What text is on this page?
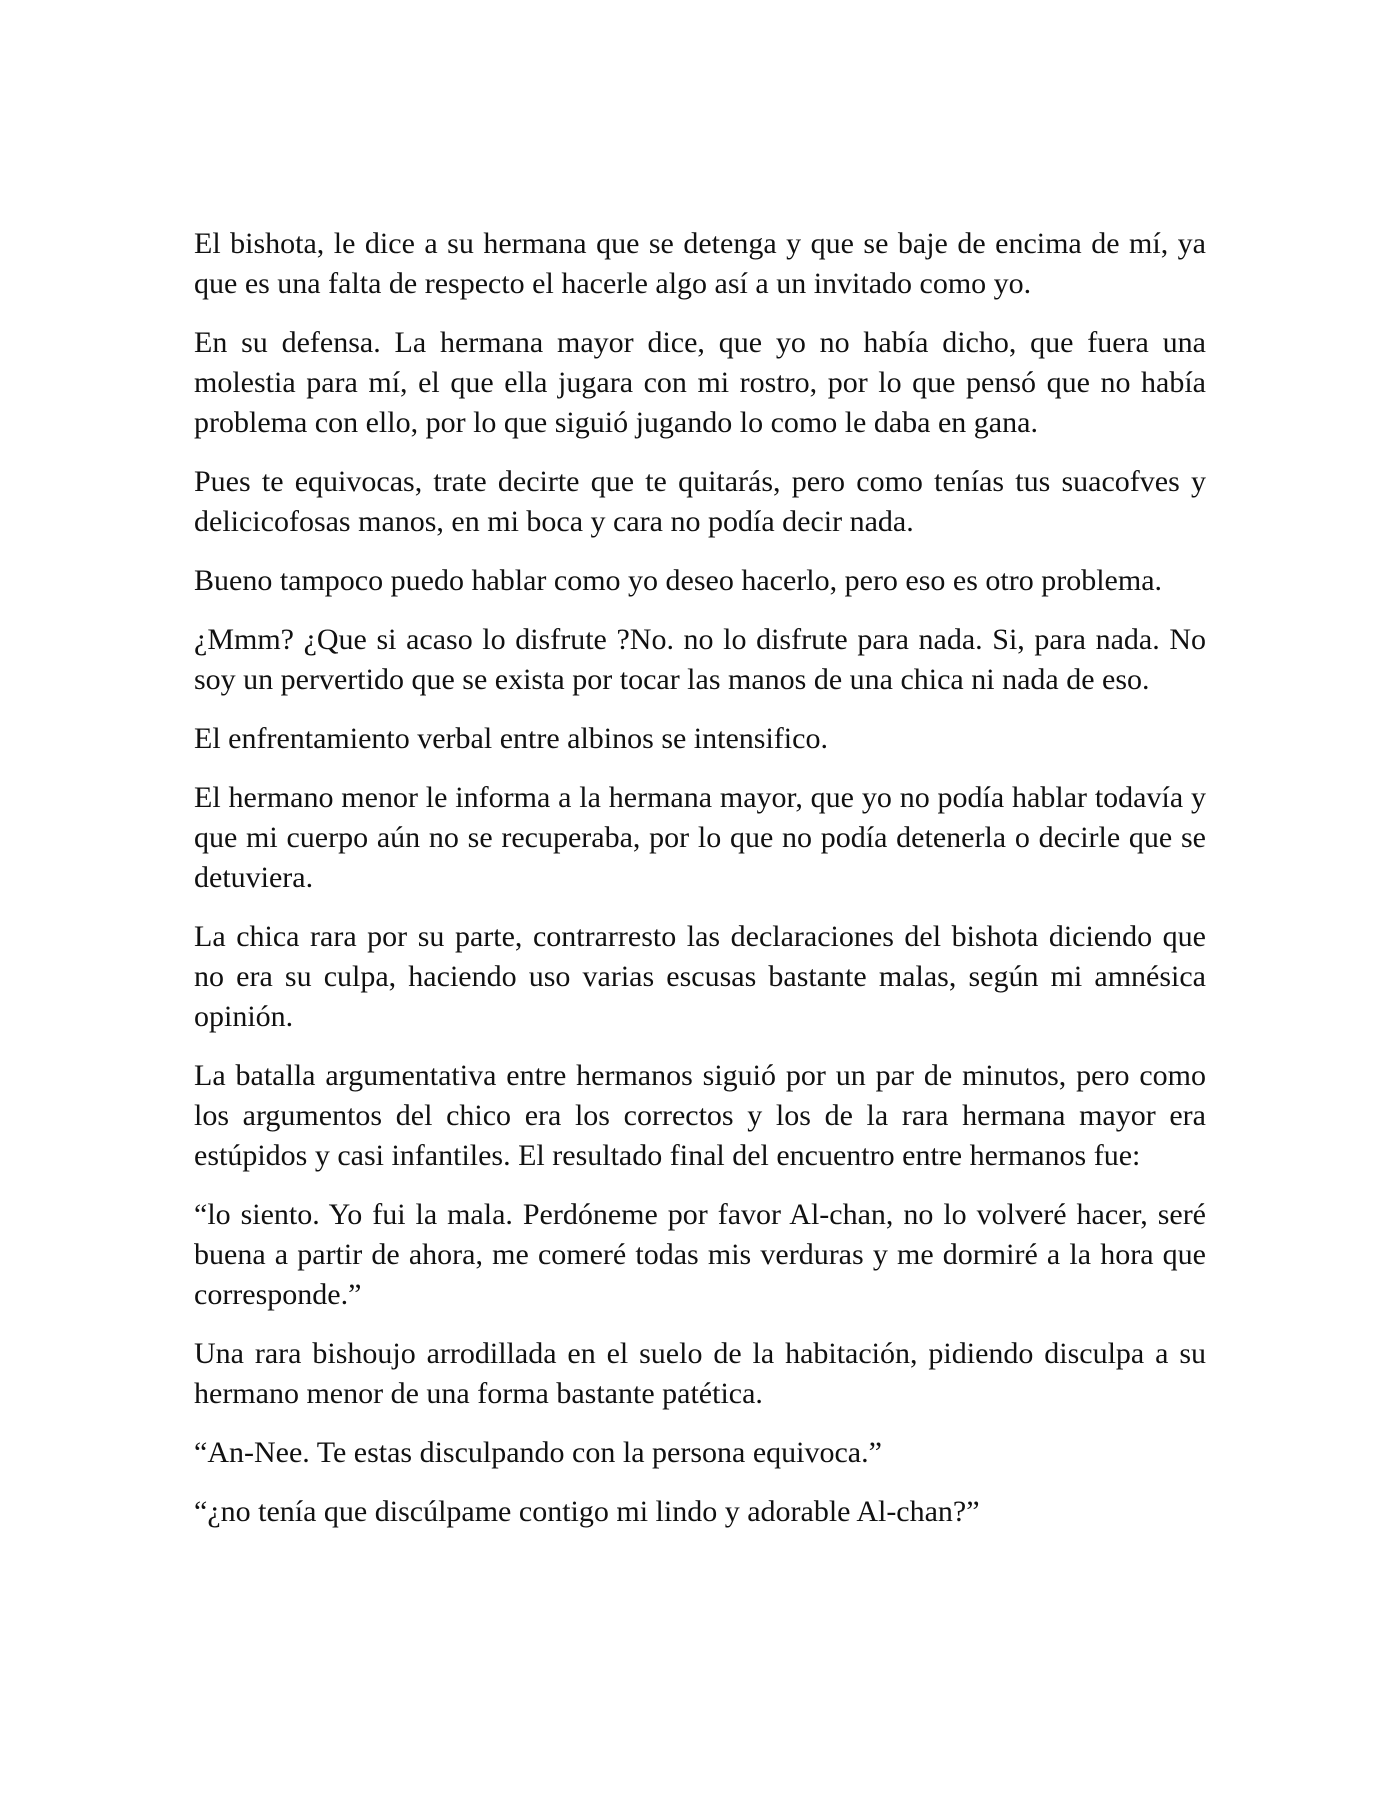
El bishota, le dice a su hermana que se detenga y que se baje de encima de mí, ya que es una falta de respecto el hacerle algo así a un invitado como yo.

En su defensa. La hermana mayor dice, que yo no había dicho, que fuera una molestia para mí, el que ella jugara con mi rostro, por lo que pensó que no había problema con ello, por lo que siguió jugando lo como le daba en gana.

Pues te equivocas, trate decirte que te quitarás, pero como tenías tus suacofves y delicicofosas manos, en mi boca y cara no podía decir nada.

Bueno tampoco puedo hablar como yo deseo hacerlo, pero eso es otro problema.

¿Mmm? ¿Que si acaso lo disfrute ?No. no lo disfrute para nada. Si, para nada. No soy un pervertido que se exista por tocar las manos de una chica ni nada de eso.

El enfrentamiento verbal entre albinos se intensifico.

El hermano menor le informa a la hermana mayor, que yo no podía hablar todavía y que mi cuerpo aún no se recuperaba, por lo que no podía detenerla o decirle que se detuviera.

La chica rara por su parte, contrarresto las declaraciones del bishota diciendo que no era su culpa, haciendo uso varias escusas bastante malas, según mi amnésica opinión.

La batalla argumentativa entre hermanos siguió por un par de minutos, pero como los argumentos del chico era los correctos y los de la rara hermana mayor era estúpidos y casi infantiles. El resultado final del encuentro entre hermanos fue:

“lo siento. Yo fui la mala. Perdóneme por favor Al-chan, no lo volveré hacer, seré buena a partir de ahora, me comeré todas mis verduras y me dormiré a la hora que corresponde.”

Una rara bishoujo arrodillada en el suelo de la habitación, pidiendo disculpa a su hermano menor de una forma bastante patética.

“An-Nee. Te estas disculpando con la persona equivoca.”

“¿no tenía que discúlpame contigo mi lindo y adorable Al-chan?”
